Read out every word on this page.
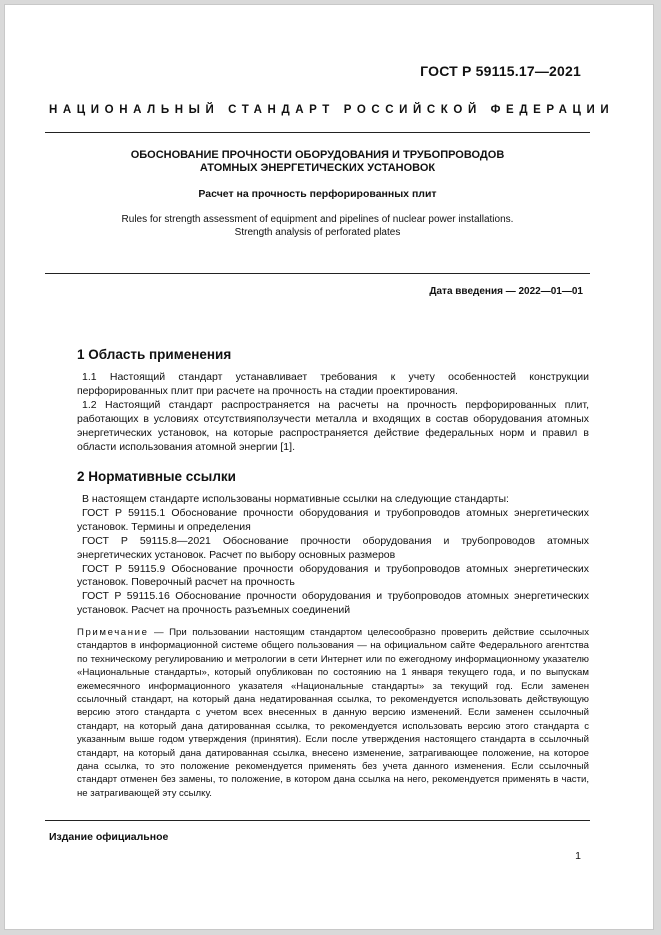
ГОСТ Р 59115.17—2021
НАЦИОНАЛЬНЫЙ СТАНДАРТ РОССИЙСКОЙ ФЕДЕРАЦИИ
ОБОСНОВАНИЕ ПРОЧНОСТИ ОБОРУДОВАНИЯ И ТРУБОПРОВОДОВ
АТОМНЫХ ЭНЕРГЕТИЧЕСКИХ УСТАНОВОК
Расчет на прочность перфорированных плит
Rules for strength assessment of equipment and pipelines of nuclear power installations.
Strength analysis of perforated plates
Дата введения — 2022—01—01
1 Область применения

1.1 Настоящий стандарт устанавливает требования к учету особенностей конструкции перфорированных плит при расчете на прочность на стадии проектирования.

1.2 Настоящий стандарт распространяется на расчеты на прочность перфорированных плит, работающих в условиях отсутствияползучести металла и входящих в состав оборудования атомных энергетических установок, на которые распространяется действие федеральных норм и правил в области использования атомной энергии [1].

2 Нормативные ссылки

В настоящем стандарте использованы нормативные ссылки на следующие стандарты:

ГОСТ Р 59115.1 Обоснование прочности оборудования и трубопроводов атомных энергетических установок. Термины и определения

ГОСТ Р 59115.8—2021 Обоснование прочности оборудования и трубопроводов атомных энергетических установок. Расчет по выбору основных размеров

ГОСТ Р 59115.9 Обоснование прочности оборудования и трубопроводов атомных энергетических установок. Поверочный расчет на прочность

ГОСТ Р 59115.16 Обоснование прочности оборудования и трубопроводов атомных энергетических установок. Расчет на прочность разъемных соединений

Примечание — При пользовании настоящим стандартом целесообразно проверить действие ссылочных стандартов в информационной системе общего пользования — на официальном сайте Федерального агентства по техническому регулированию и метрологии в сети Интернет или по ежегодному информационному указателю «Национальные стандарты», который опубликован по состоянию на 1 января текущего года, и по выпускам ежемесячного информационного указателя «Национальные стандарты» за текущий год. Если заменен ссылочный стандарт, на который дана недатированная ссылка, то рекомендуется использовать действующую версию этого стандарта с учетом всех внесенных в данную версию изменений. Если заменен ссылочный стандарт, на который дана датированная ссылка, то рекомендуется использовать версию этого стандарта с указанным выше годом утверждения (принятия). Если после утверждения настоящего стандарта в ссылочный стандарт, на который дана датированная ссылка, внесено изменение, затрагивающее положение, на которое дана ссылка, то это положение рекомендуется применять без учета данного изменения. Если ссылочный стандарт отменен без замены, то положение, в котором дана ссылка на него, рекомендуется применять в части, не затрагивающей эту ссылку.
Издание официальное
1
